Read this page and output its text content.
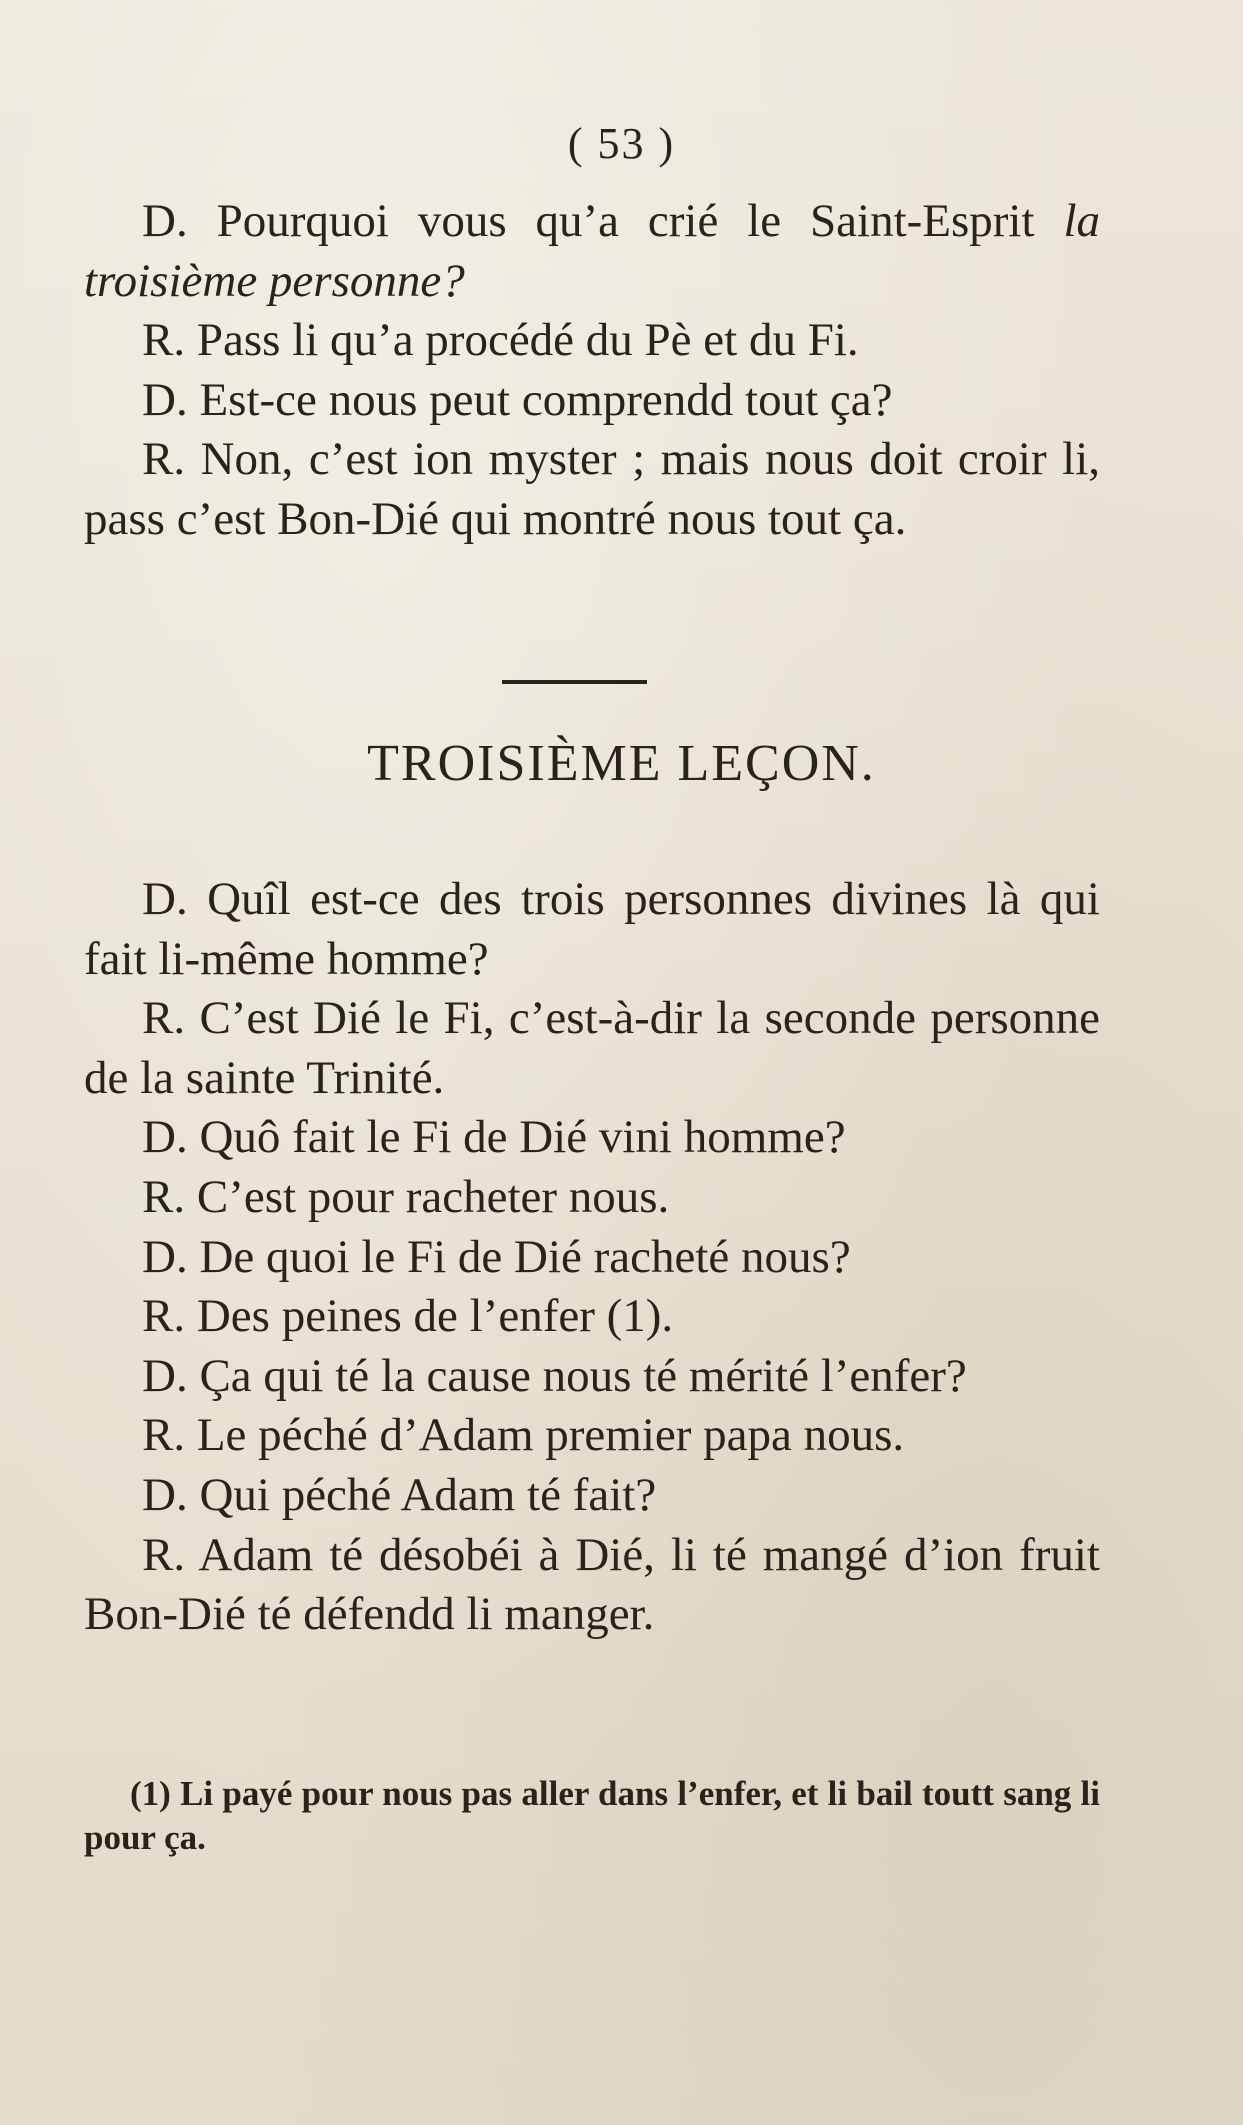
( 53 )

D. Pourquoi vous qu’a crié le Saint-Esprit la troisième personne?

R. Pass li qu’a procédé du Pè et du Fi.

D. Est-ce nous peut comprendd tout ça?

R. Non, c’est ion myster ; mais nous doit croir li, pass c’est Bon-Dié qui montré nous tout ça.

TROISIÈME LEÇON.

D. Quîl est-ce des trois personnes divines là qui fait li-même homme?

R. C’est Dié le Fi, c’est-à-dir la seconde personne de la sainte Trinité.

D. Quô fait le Fi de Dié vini homme?

R. C’est pour racheter nous.

D. De quoi le Fi de Dié racheté nous?

R. Des peines de l’enfer (1).

D. Ça qui té la cause nous té mérité l’enfer?

R. Le péché d’Adam premier papa nous.

D. Qui péché Adam té fait?

R. Adam té désobéi à Dié, li té mangé d’ion fruit Bon-Dié té défendd li manger.

(1) Li payé pour nous pas aller dans l’enfer, et li bail toutt sang li pour ça.
